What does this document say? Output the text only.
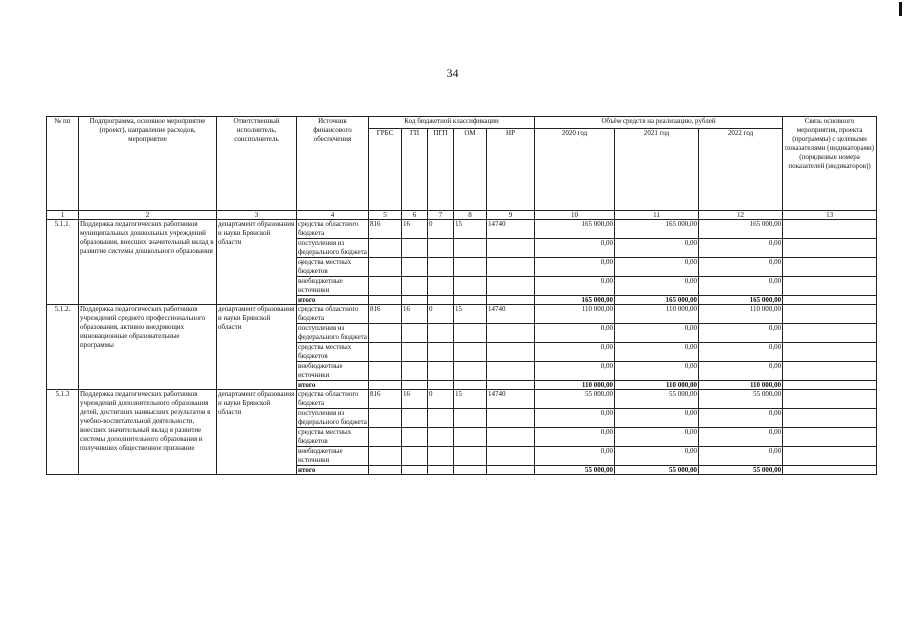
34
№ пп	Подпрограмма, основное мероприятие (проект), направление расходов, мероприятие	Ответственный исполнитель, соисполнитель	Источник финансового обеспечения	Код бюджетной классификации					Объём средств на реализацию, рублей			Связь основного мероприятия, проекта (программы) с целевыми показателями (индикаторами) (порядковые номера показателей (индикаторов))
				ГРБС	ГП	ПГП	ОМ	НР	2020 год	2021 год	2022 год	
1	2	3	4	5	6	7	8	9	10	11	12	13
5.1.1.	Поддержка педагогических работников муниципальных дошкольных учреждений образования, внесших значительный вклад в развитие системы дошкольного образования	департамент образования и науки Брянской области	средства областного бюджета	816	16	0	15	14740	165 000,00	165 000,00	165 000,00	
			поступления из федерального бюджета						0,00	0,00	0,00	
			средства местных бюджетов						0,00	0,00	0,00	
			внебюджетные источники						0,00	0,00	0,00	
			итого						165 000,00	165 000,00	165 000,00	
5.1.2.	Поддержка педагогических работников учреждений среднего профессионального образования, активно внедряющих инновационные образовательные программы	департамент образования и науки Брянской области	средства областного бюджета	816	16	0	15	14740	110 000,00	110 000,00	110 000,00	
			поступления из федерального бюджета						0,00	0,00	0,00	
			средства местных бюджетов						0,00	0,00	0,00	
			внебюджетные источники						0,00	0,00	0,00	
			итого						110 000,00	110 000,00	110 000,00	
5.1.3	Поддержка педагогических работников учреждений дополнительного образования детей, достигших наивысших результатов в учебно-воспитательной деятельности, внесших значительный вклад в развитие системы дополнительного образования и получивших общественное признание	департамент образования и науки Брянской области	средства областного бюджета	816	16	0	15	14740	55 000,00	55 000,00	55 000,00	
			поступления из федерального бюджета						0,00	0,00	0,00	
			средства местных бюджетов						0,00	0,00	0,00	
			внебюджетные источники						0,00	0,00	0,00	
			итого						55 000,00	55 000,00	55 000,00	
